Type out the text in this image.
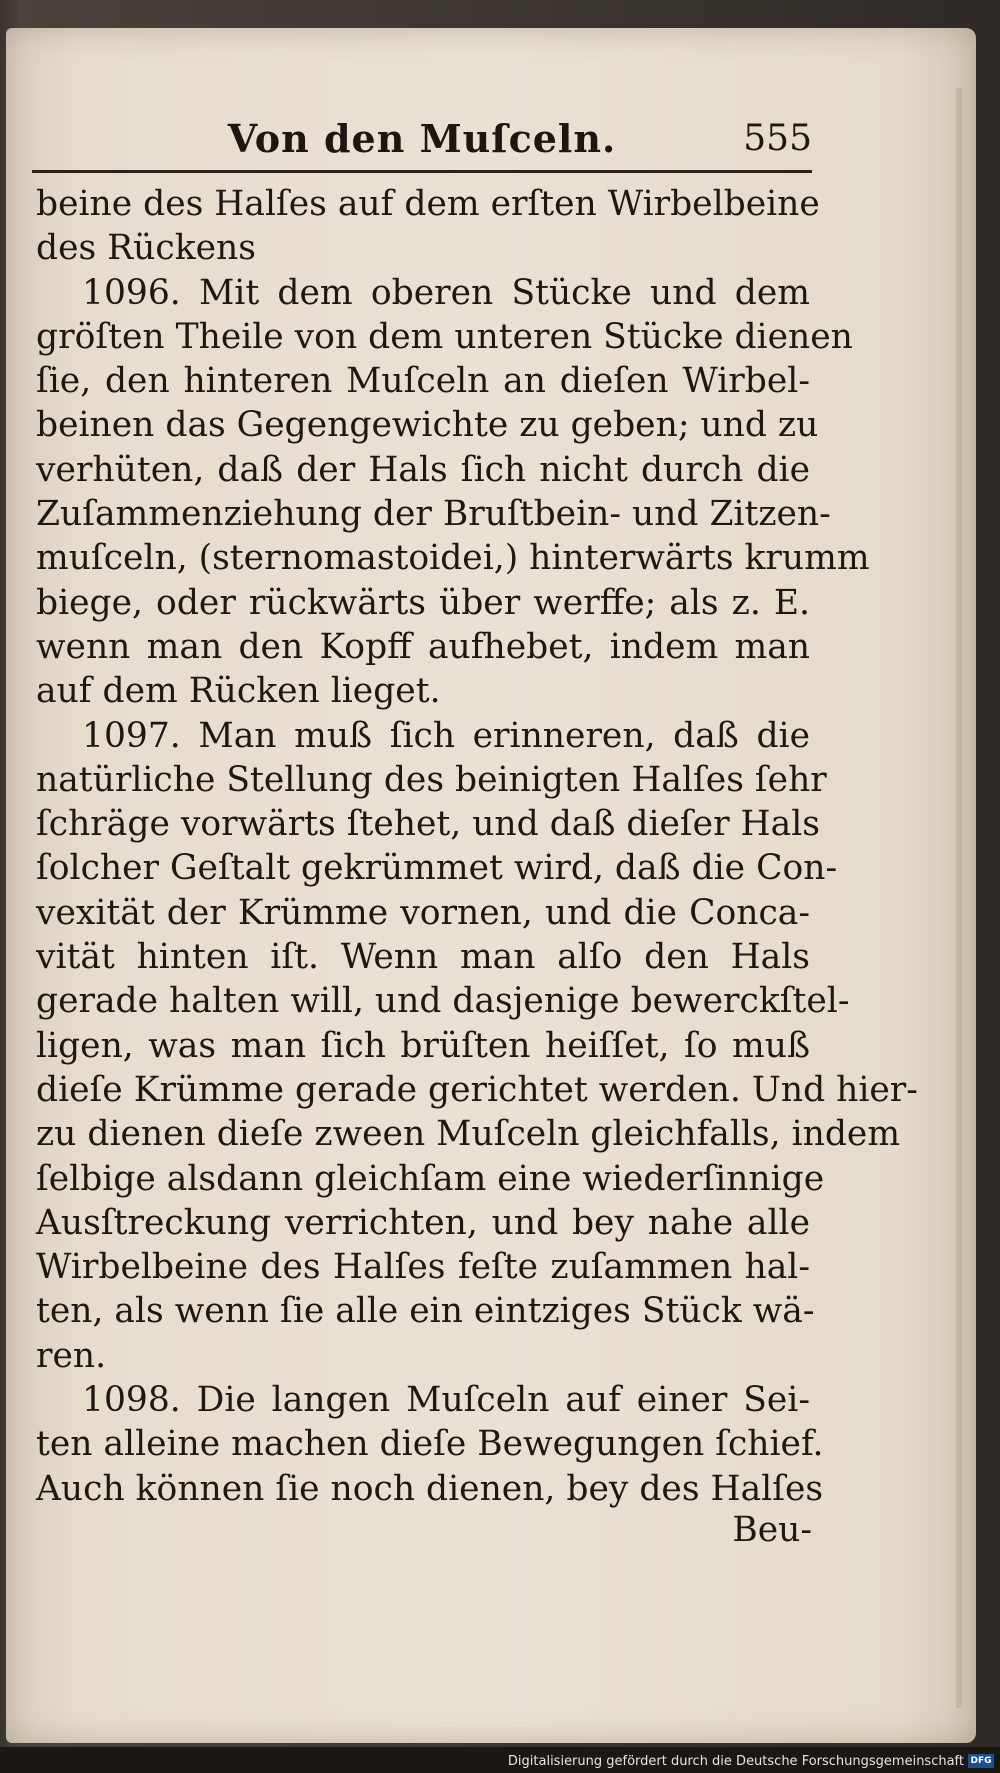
Von den Muſceln.	555
beine des Halſes auf dem erſten Wirbelbeine
des Rückens
1096. Mit dem oberen Stücke und dem
gröſten Theile von dem unteren Stücke dienen
ſie, den hinteren Muſceln an dieſen Wirbel-
beinen das Gegengewichte zu geben; und zu
verhüten, daß der Hals ſich nicht durch die
Zuſammenziehung der Bruſtbein- und Zitzen-
muſceln, (sternomastoidei,) hinterwärts krumm
biege, oder rückwärts über werffe; als z. E.
wenn man den Kopff aufhebet, indem man
auf dem Rücken lieget.
1097. Man muß ſich erinneren, daß die
natürliche Stellung des beinigten Halſes ſehr
ſchräge vorwärts ſtehet, und daß dieſer Hals
ſolcher Geſtalt gekrümmet wird, daß die Con-
vexität der Krümme vornen, und die Conca-
vität hinten iſt. Wenn man alſo den Hals
gerade halten will, und dasjenige bewerckſtel-
ligen, was man ſich brüſten heiſſet, ſo muß
dieſe Krümme gerade gerichtet werden. Und hier-
zu dienen dieſe zween Muſceln gleichfalls, indem
ſelbige alsdann gleichſam eine wiederſinnige
Ausſtreckung verrichten, und bey nahe alle
Wirbelbeine des Halſes feſte zuſammen hal-
ten, als wenn ſie alle ein eintziges Stück wä-
ren.
1098. Die langen Muſceln auf einer Sei-
ten alleine machen dieſe Bewegungen ſchief.
Auch können ſie noch dienen, bey des Halſes
Beu-
Digitalisierung gefördert durch die Deutsche Forschungsgemeinschaft DFG
